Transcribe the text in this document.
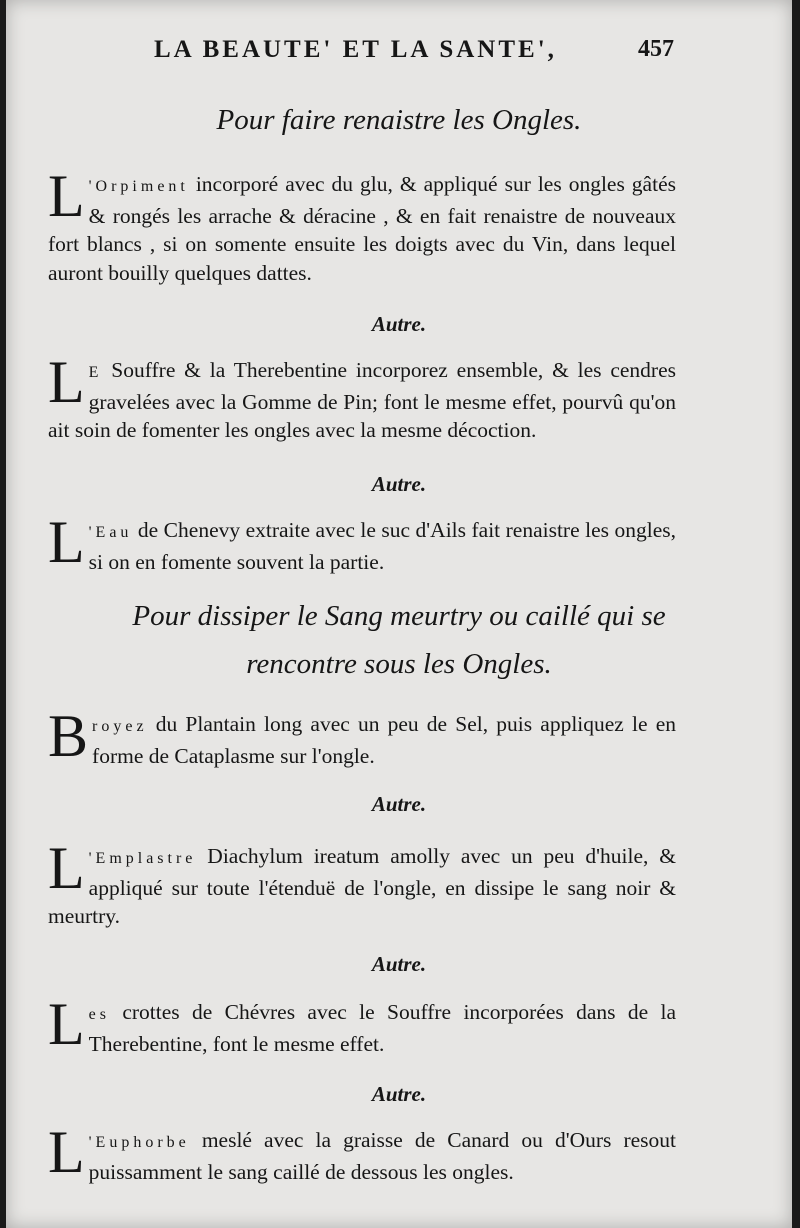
LA BEAUTE' ET LA SANTE',	457
Pour faire renaistre les Ongles.
L 'Orpiment incorporé avec du glu, & appliqué sur les ongles gâtés & rongés les arrache & déracine , & en fait renaistre de nouveaux fort blancs , si on somente ensuite les doigts avec du Vin, dans lequel auront bouilly quelques dattes.
Autre.
L E Souffre & la Therebentine incorporez ensemble, & les cendres gravelées avec la Gomme de Pin; font le mesme effet, pourvû qu'on ait soin de fomenter les ongles avec la mesme décoction.
Autre.
L 'Eau de Chenevy extraite avec le suc d'Ails fait renaistre les ongles, si on en fomente souvent la partie.
Pour dissiper le Sang meurtry ou caillé qui se
rencontre sous les Ongles.
Broyez du Plantain long avec un peu de Sel, puis appliquez le en forme de Cataplasme sur l'ongle.
Autre.
L 'Emplastre Diachylum ireatum amolly avec un peu d'huile, & appliqué sur toute l'étenduë de l'ongle, en dissipe le sang noir & meurtry.
Autre.
Les crottes de Chévres avec le Souffre incorporées dans de la Therebentine, font le mesme effet.
Autre.
L 'Euphorbe meslé avec la graisse de Canard ou d'Ours resout puissamment le sang caillé de dessous les ongles.
